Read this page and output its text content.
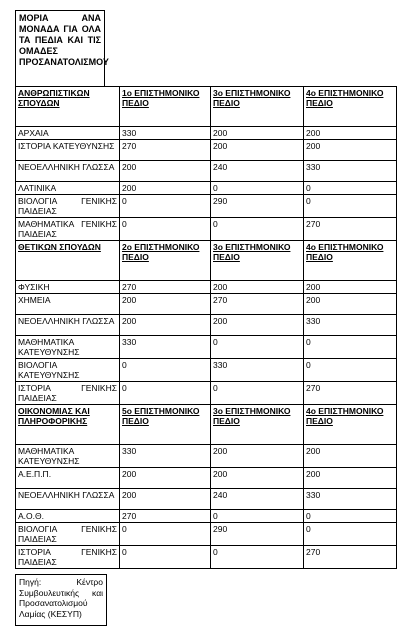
ΜΟΡΙΑ ΑΝΑ ΜΟΝΑΔΑ ΓΙΑ ΟΛΑ ΤΑ ΠΕΔΙΑ ΚΑΙ ΤΙΣ ΟΜΑΔΕΣ ΠΡΟΣΑΝΑΤΟΛΙΣΜΟΥ
ΑΝΘΡΩΠΙΣΤΙΚΩΝ ΣΠΟΥΔΩΝ	1ο ΕΠΙΣΤΗΜΟΝΙΚΟ ΠΕΔΙΟ	3ο ΕΠΙΣΤΗΜΟΝΙΚΟ ΠΕΔΙΟ	4ο ΕΠΙΣΤΗΜΟΝΙΚΟ ΠΕΔΙΟ
ΑΡΧΑΙΑ	330	200	200
ΙΣΤΟΡΙΑ ΚΑΤΕΥΘΥΝΣΗΣ	270	200	200
ΝΕΟΕΛΛΗΝΙΚΗ ΓΛΩΣΣΑ	200	240	330
ΛΑΤΙΝΙΚΑ	200	0	0
ΒΙΟΛΟΓΙΑ ΓΕΝΙΚΗΣ ΠΑΙΔΕΙΑΣ	0	290	0
ΜΑΘΗΜΑΤΙΚΑ ΓΕΝΙΚΗΣ ΠΑΙΔΕΙΑΣ	0	0	270
ΘΕΤΙΚΩΝ ΣΠΟΥΔΩΝ	2ο ΕΠΙΣΤΗΜΟΝΙΚΟ ΠΕΔΙΟ	3ο ΕΠΙΣΤΗΜΟΝΙΚΟ ΠΕΔΙΟ	4ο ΕΠΙΣΤΗΜΟΝΙΚΟ ΠΕΔΙΟ
ΦΥΣΙΚΗ	270	200	200
ΧΗΜΕΙΑ	200	270	200
ΝΕΟΕΛΛΗΝΙΚΗ ΓΛΩΣΣΑ	200	200	330
ΜΑΘΗΜΑΤΙΚΑ ΚΑΤΕΥΘΥΝΣΗΣ	330	0	0
ΒΙΟΛΟΓΙΑ ΚΑΤΕΥΘΥΝΣΗΣ	0	330	0
ΙΣΤΟΡΙΑ ΓΕΝΙΚΗΣ ΠΑΙΔΕΙΑΣ	0	0	270
ΟΙΚΟΝΟΜΙΑΣ ΚΑΙ ΠΛΗΡΟΦΟΡΙΚΗΣ	5ο ΕΠΙΣΤΗΜΟΝΙΚΟ ΠΕΔΙΟ	3ο ΕΠΙΣΤΗΜΟΝΙΚΟ ΠΕΔΙΟ	4ο ΕΠΙΣΤΗΜΟΝΙΚΟ ΠΕΔΙΟ
ΜΑΘΗΜΑΤΙΚΑ ΚΑΤΕΥΘΥΝΣΗΣ	330	200	200
Α.Ε.Π.Π.	200	200	200
ΝΕΟΕΛΛΗΝΙΚΗ ΓΛΩΣΣΑ	200	240	330
Α.Ο.Θ.	270	0	0
ΒΙΟΛΟΓΙΑ ΓΕΝΙΚΗΣ ΠΑΙΔΕΙΑΣ	0	290	0
ΙΣΤΟΡΙΑ ΓΕΝΙΚΗΣ ΠΑΙΔΕΙΑΣ	0	0	270
Πηγή: Κέντρο Συμβουλευτικής και Προσανατολισμού Λαμίας (ΚΕΣΥΠ)
